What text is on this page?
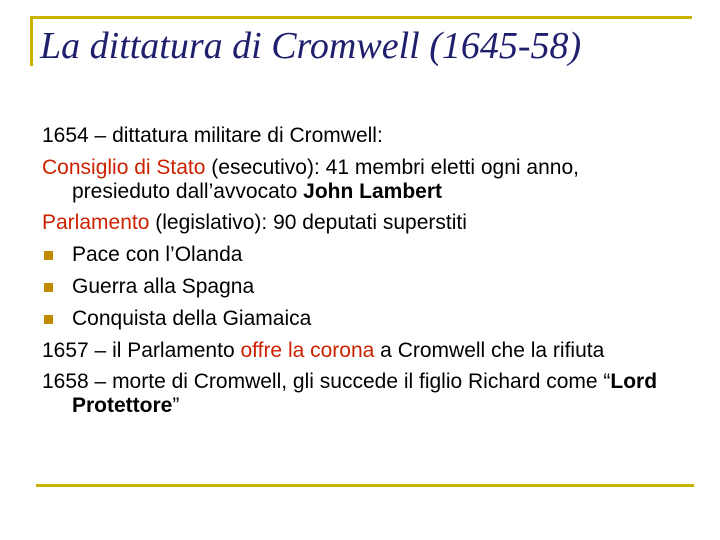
La dittatura di Cromwell (1645-58)

1654 – dittatura militare di Cromwell:

Consiglio di Stato (esecutivo): 41 membri eletti ogni anno, presieduto dall’avvocato John Lambert

Parlamento (legislativo): 90 deputati superstiti

Pace con l’Olanda

Guerra alla Spagna

Conquista della Giamaica

1657 – il Parlamento offre la corona a Cromwell che la rifiuta

1658 – morte di Cromwell, gli succede il figlio Richard come “Lord Protettore”
